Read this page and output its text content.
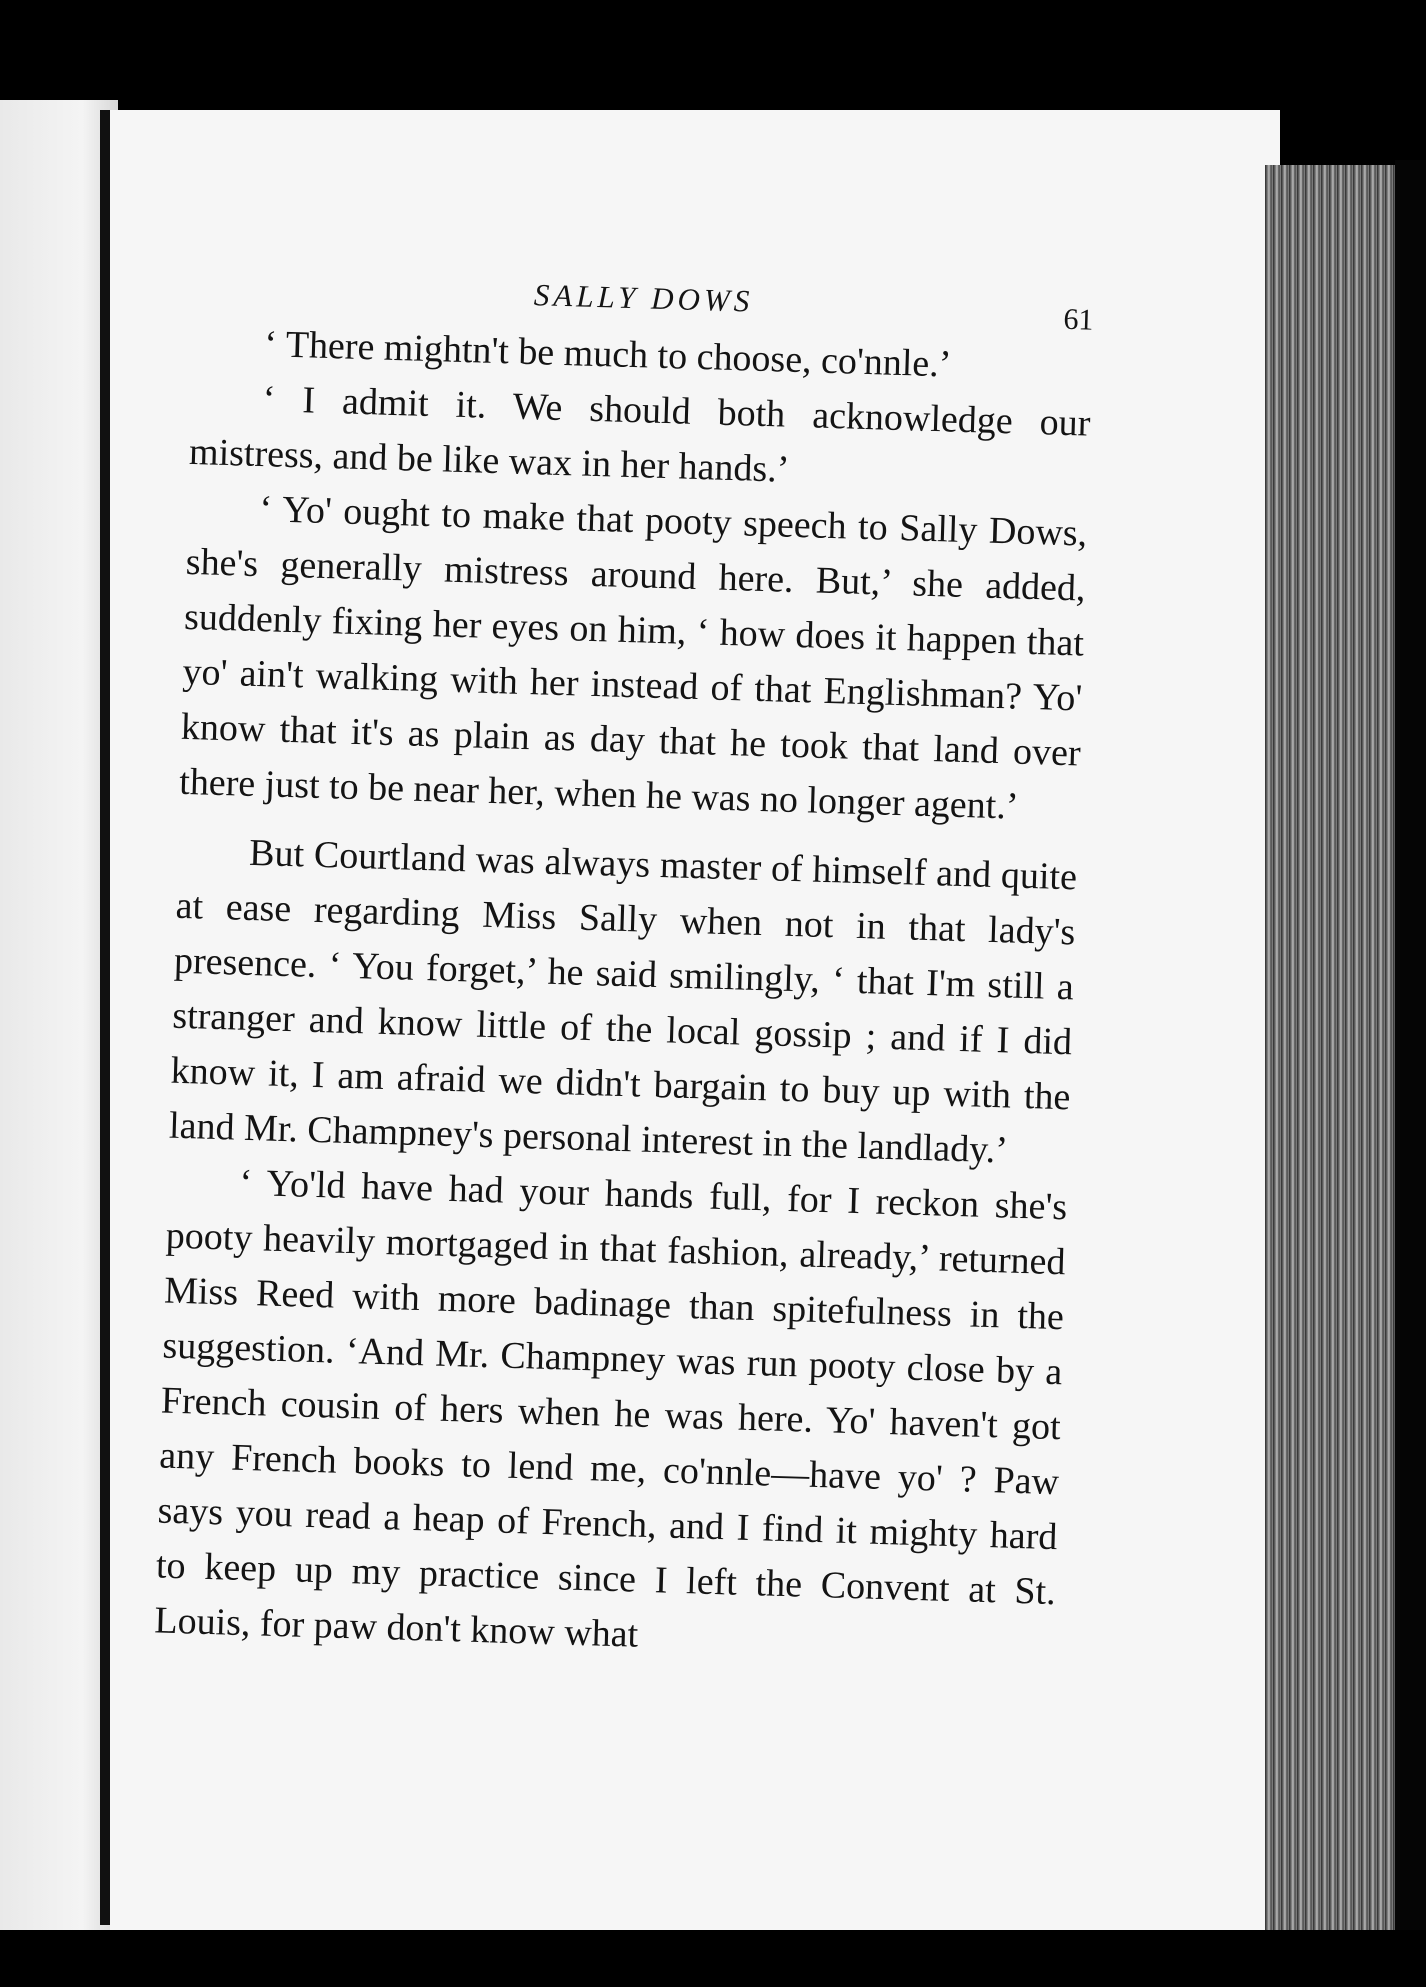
SALLY DOWS
61

‘ There mightn't be much to choose, co'nnle.’

‘ I admit it. We should both acknowledge our mistress, and be like wax in her hands.’

‘ Yo' ought to make that pooty speech to Sally Dows, she's generally mistress around here. But,’ she added, suddenly fixing her eyes on him, ‘ how does it happen that yo' ain't walking with her instead of that Englishman? Yo' know that it's as plain as day that he took that land over there just to be near her, when he was no longer agent.’

But Courtland was always master of himself and quite at ease regarding Miss Sally when not in that lady's presence. ‘ You forget,’ he said smilingly, ‘ that I'm still a stranger and know little of the local gossip ; and if I did know it, I am afraid we didn't bargain to buy up with the land Mr. Champney's personal interest in the landlady.’

‘ Yo'ld have had your hands full, for I reckon she's pooty heavily mortgaged in that fashion, already,’ returned Miss Reed with more badinage than spitefulness in the suggestion. ‘And Mr. Champney was run pooty close by a French cousin of hers when he was here. Yo' haven't got any French books to lend me, co'nnle—have yo' ? Paw says you read a heap of French, and I find it mighty hard to keep up my practice since I left the Convent at St. Louis, for paw don't know what
